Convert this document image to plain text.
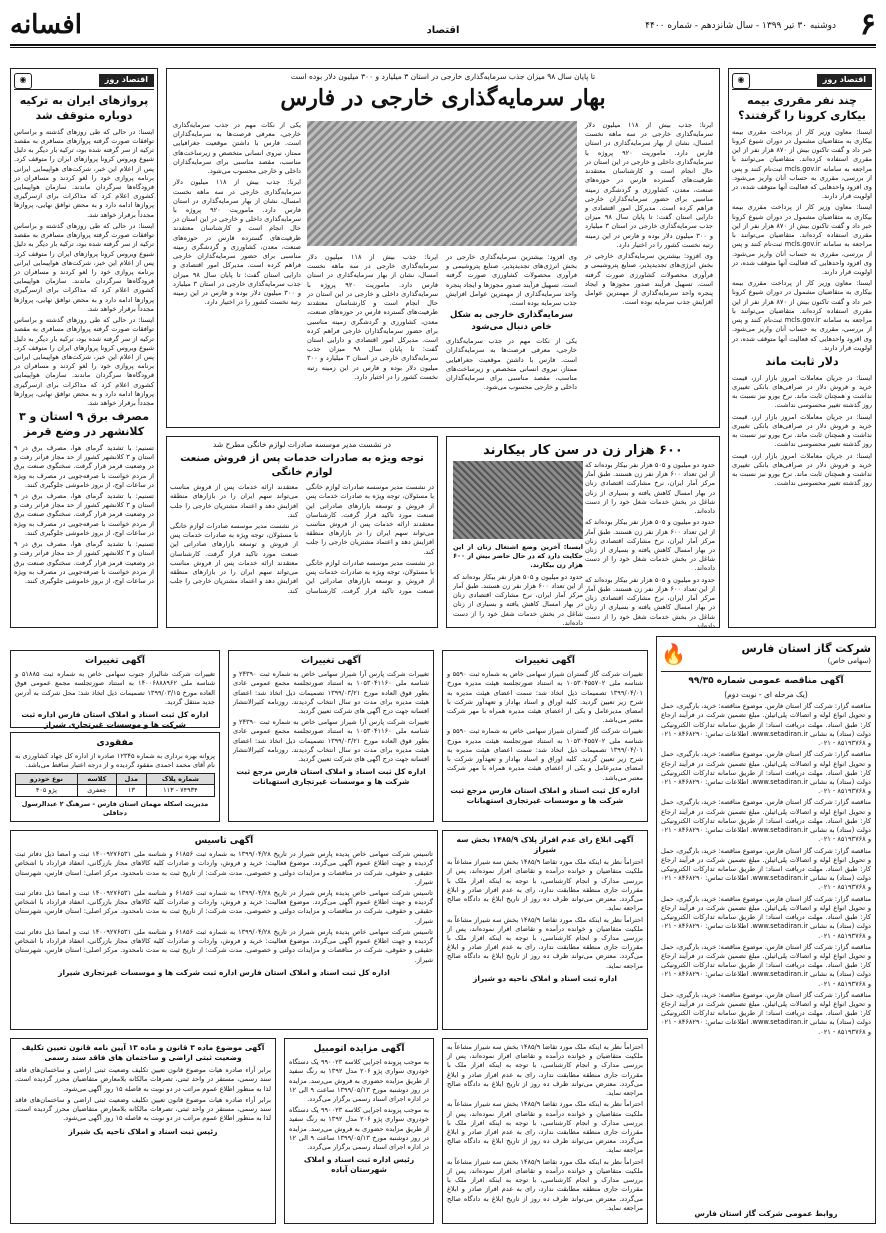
۶
دوشنبه ۳۰ تیر ۱۳۹۹ - سال شانزدهم - شماره ۴۴۰۰
اقتصاد
افسانه
اقتصاد روز
◉
چند نفر مقرری بیمه بیکاری کرونا را گرفتند؟

ایسنا: معاون وزیر کار از پرداخت مقرری بیمه بیکاری به متقاضیان مشمول در دوران شیوع کرونا خبر داد و گفت تاکنون بیش از ۸۷۰ هزار نفر از این مقرری استفاده کرده‌اند. متقاضیان می‌توانند با مراجعه به سامانه mcls.gov.ir ثبت‌نام کنند و پس از بررسی، مقرری به حساب آنان واریز می‌شود. وی افزود واحدهایی که فعالیت آنها متوقف شده، در اولویت قرار دارند.

ایسنا: معاون وزیر کار از پرداخت مقرری بیمه بیکاری به متقاضیان مشمول در دوران شیوع کرونا خبر داد و گفت تاکنون بیش از ۸۷۰ هزار نفر از این مقرری استفاده کرده‌اند. متقاضیان می‌توانند با مراجعه به سامانه mcls.gov.ir ثبت‌نام کنند و پس از بررسی، مقرری به حساب آنان واریز می‌شود. وی افزود واحدهایی که فعالیت آنها متوقف شده، در اولویت قرار دارند.

ایسنا: معاون وزیر کار از پرداخت مقرری بیمه بیکاری به متقاضیان مشمول در دوران شیوع کرونا خبر داد و گفت تاکنون بیش از ۸۷۰ هزار نفر از این مقرری استفاده کرده‌اند. متقاضیان می‌توانند با مراجعه به سامانه mcls.gov.ir ثبت‌نام کنند و پس از بررسی، مقرری به حساب آنان واریز می‌شود. وی افزود واحدهایی که فعالیت آنها متوقف شده، در اولویت قرار دارند.

دلار ثابت ماند

ایسنا: در جریان معاملات امروز بازار ارز، قیمت خرید و فروش دلار در صرافی‌های بانکی تغییری نداشت و همچنان ثابت ماند. نرخ یورو نیز نسبت به روز گذشته تغییر محسوسی نداشت.

ایسنا: در جریان معاملات امروز بازار ارز، قیمت خرید و فروش دلار در صرافی‌های بانکی تغییری نداشت و همچنان ثابت ماند. نرخ یورو نیز نسبت به روز گذشته تغییر محسوسی نداشت.

ایسنا: در جریان معاملات امروز بازار ارز، قیمت خرید و فروش دلار در صرافی‌های بانکی تغییری نداشت و همچنان ثابت ماند. نرخ یورو نیز نسبت به روز گذشته تغییر محسوسی نداشت.

اقتصاد روز
◉
پروازهای ایران به ترکیه دوباره متوقف شد

ایسنا: در حالی که طی روزهای گذشته و براساس توافقات صورت گرفته پروازهای مسافری به مقصد ترکیه از سر گرفته شده بود، ترکیه بار دیگر به دلیل شیوع ویروس کرونا پروازهای ایران را متوقف کرد. پس از اعلام این خبر، شرکت‌های هواپیمایی ایرانی برنامه پروازی خود را لغو کردند و مسافران در فرودگاه‌ها سرگردان ماندند. سازمان هواپیمایی کشوری اعلام کرد که مذاکرات برای ازسرگیری پروازها ادامه دارد و به محض توافق نهایی، پروازها مجدداً برقرار خواهد شد.

ایسنا: در حالی که طی روزهای گذشته و براساس توافقات صورت گرفته پروازهای مسافری به مقصد ترکیه از سر گرفته شده بود، ترکیه بار دیگر به دلیل شیوع ویروس کرونا پروازهای ایران را متوقف کرد. پس از اعلام این خبر، شرکت‌های هواپیمایی ایرانی برنامه پروازی خود را لغو کردند و مسافران در فرودگاه‌ها سرگردان ماندند. سازمان هواپیمایی کشوری اعلام کرد که مذاکرات برای ازسرگیری پروازها ادامه دارد و به محض توافق نهایی، پروازها مجدداً برقرار خواهد شد.

ایسنا: در حالی که طی روزهای گذشته و براساس توافقات صورت گرفته پروازهای مسافری به مقصد ترکیه از سر گرفته شده بود، ترکیه بار دیگر به دلیل شیوع ویروس کرونا پروازهای ایران را متوقف کرد. پس از اعلام این خبر، شرکت‌های هواپیمایی ایرانی برنامه پروازی خود را لغو کردند و مسافران در فرودگاه‌ها سرگردان ماندند. سازمان هواپیمایی کشوری اعلام کرد که مذاکرات برای ازسرگیری پروازها ادامه دارد و به محض توافق نهایی، پروازها مجدداً برقرار خواهد شد.

مصرف برق ۹ استان و ۳ کلانشهر در وضع قرمز

تسنیم: با تشدید گرمای هوا، مصرف برق در ۹ استان و ۳ کلانشهر کشور از حد مجاز فراتر رفت و در وضعیت قرمز قرار گرفت. سخنگوی صنعت برق از مردم خواست با صرفه‌جویی در مصرف به ویژه در ساعات اوج، از بروز خاموشی جلوگیری کنند.

تسنیم: با تشدید گرمای هوا، مصرف برق در ۹ استان و ۳ کلانشهر کشور از حد مجاز فراتر رفت و در وضعیت قرمز قرار گرفت. سخنگوی صنعت برق از مردم خواست با صرفه‌جویی در مصرف به ویژه در ساعات اوج، از بروز خاموشی جلوگیری کنند.

تسنیم: با تشدید گرمای هوا، مصرف برق در ۹ استان و ۳ کلانشهر کشور از حد مجاز فراتر رفت و در وضعیت قرمز قرار گرفت. سخنگوی صنعت برق از مردم خواست با صرفه‌جویی در مصرف به ویژه در ساعات اوج، از بروز خاموشی جلوگیری کنند.

تا پایان سال ۹۸ میزان جذب سرمایه‌گذاری خارجی در استان ۳ میلیارد و ۳۰۰ میلیون دلار بوده است
بهار سرمایه‌گذاری خارجی در فارس

ایرنا: جذب بیش از ۱۱۸ میلیون دلار سرمایه‌گذاری خارجی در سه ماهه نخست امسال، نشان از بهار سرمایه‌گذاری در استان فارس دارد. ماموریت ۹۲۰ پروژه با سرمایه‌گذاری داخلی و خارجی در این استان در حال انجام است و کارشناسان معتقدند ظرفیت‌های گسترده فارس در حوزه‌های صنعت، معدن، کشاورزی و گردشگری زمینه مناسبی برای حضور سرمایه‌گذاران خارجی فراهم کرده است. مدیرکل امور اقتصادی و دارایی استان گفت: تا پایان سال ۹۸ میزان جذب سرمایه‌گذاری خارجی در استان ۳ میلیارد و ۳۰۰ میلیون دلار بوده و فارس در این زمینه رتبه نخست کشور را در اختیار دارد.

وی افزود: بیشترین سرمایه‌گذاری خارجی در بخش انرژی‌های تجدیدپذیر، صنایع پتروشیمی و فرآوری محصولات کشاورزی صورت گرفته است. تسهیل فرآیند صدور مجوزها و ایجاد پنجره واحد سرمایه‌گذاری از مهمترین عوامل افزایش جذب سرمایه بوده است.

یکی از نکات مهم در جذب سرمایه‌گذاری خارجی، معرفی فرصت‌ها به سرمایه‌گذاران است. فارس با داشتن موقعیت جغرافیایی ممتاز، نیروی انسانی متخصص و زیرساخت‌های مناسب، مقصد مناسبی برای سرمایه‌گذاران داخلی و خارجی محسوب می‌شود.

ایرنا: جذب بیش از ۱۱۸ میلیون دلار سرمایه‌گذاری خارجی در سه ماهه نخست امسال، نشان از بهار سرمایه‌گذاری در استان فارس دارد. ماموریت ۹۲۰ پروژه با سرمایه‌گذاری داخلی و خارجی در این استان در حال انجام است و کارشناسان معتقدند ظرفیت‌های گسترده فارس در حوزه‌های صنعت، معدن، کشاورزی و گردشگری زمینه مناسبی برای حضور سرمایه‌گذاران خارجی فراهم کرده است. مدیرکل امور اقتصادی و دارایی استان گفت: تا پایان سال ۹۸ میزان جذب سرمایه‌گذاری خارجی در استان ۳ میلیارد و ۳۰۰ میلیون دلار بوده و فارس در این زمینه رتبه نخست کشور را در اختیار دارد.

وی افزود: بیشترین سرمایه‌گذاری خارجی در بخش انرژی‌های تجدیدپذیر، صنایع پتروشیمی و فرآوری محصولات کشاورزی صورت گرفته است. تسهیل فرآیند صدور مجوزها و ایجاد پنجره واحد سرمایه‌گذاری از مهمترین عوامل افزایش جذب سرمایه بوده است.

سرمایه‌گذاری خارجی به شکل خاص دنبال می‌شود

یکی از نکات مهم در جذب سرمایه‌گذاری خارجی، معرفی فرصت‌ها به سرمایه‌گذاران است. فارس با داشتن موقعیت جغرافیایی ممتاز، نیروی انسانی متخصص و زیرساخت‌های مناسب، مقصد مناسبی برای سرمایه‌گذاران داخلی و خارجی محسوب می‌شود.

ایرنا: جذب بیش از ۱۱۸ میلیون دلار سرمایه‌گذاری خارجی در سه ماهه نخست امسال، نشان از بهار سرمایه‌گذاری در استان فارس دارد. ماموریت ۹۲۰ پروژه با سرمایه‌گذاری داخلی و خارجی در این استان در حال انجام است و کارشناسان معتقدند ظرفیت‌های گسترده فارس در حوزه‌های صنعت، معدن، کشاورزی و گردشگری زمینه مناسبی برای حضور سرمایه‌گذاران خارجی فراهم کرده است. مدیرکل امور اقتصادی و دارایی استان گفت: تا پایان سال ۹۸ میزان جذب سرمایه‌گذاری خارجی در استان ۳ میلیارد و ۳۰۰ میلیون دلار بوده و فارس در این زمینه رتبه نخست کشور را در اختیار دارد.

۶۰۰ هزار زن در سن کار بیکارند

حدود دو میلیون و ۵۰۵ هزار نفر بیکار بوده‌اند که از این تعداد ۶۰۰ هزار نفر زن هستند. طبق آمار مرکز آمار ایران، نرخ مشارکت اقتصادی زنان در بهار امسال کاهش یافته و بسیاری از زنان شاغل در بخش خدمات شغل خود را از دست داده‌اند.

حدود دو میلیون و ۵۰۵ هزار نفر بیکار بوده‌اند که از این تعداد ۶۰۰ هزار نفر زن هستند. طبق آمار مرکز آمار ایران، نرخ مشارکت اقتصادی زنان در بهار امسال کاهش یافته و بسیاری از زنان شاغل در بخش خدمات شغل خود را از دست داده‌اند.

حدود دو میلیون و ۵۰۵ هزار نفر بیکار بوده‌اند که از این تعداد ۶۰۰ هزار نفر زن هستند. طبق آمار مرکز آمار ایران، نرخ مشارکت اقتصادی زنان در بهار امسال کاهش یافته و بسیاری از زنان شاغل در بخش خدمات شغل خود را از دست داده‌اند.

ایسنا: آخرین وضع اشتغال زنان از این حکایت دارد که در حال حاضر بیش از ۶۰۰ هزار زن بیکارند.

حدود دو میلیون و ۵۰۵ هزار نفر بیکار بوده‌اند که از این تعداد ۶۰۰ هزار نفر زن هستند. طبق آمار مرکز آمار ایران، نرخ مشارکت اقتصادی زنان در بهار امسال کاهش یافته و بسیاری از زنان شاغل در بخش خدمات شغل خود را از دست داده‌اند.

در نشست مدیر موسسه صادرات لوازم خانگی مطرح شد
توجه ویژه به صادرات خدمات پس از فروش صنعت لوازم خانگی

در نشست مدیر موسسه صادرات لوازم خانگی با مسئولان، توجه ویژه به صادرات خدمات پس از فروش و توسعه بازارهای صادراتی این صنعت مورد تاکید قرار گرفت. کارشناسان معتقدند ارائه خدمات پس از فروش مناسب می‌تواند سهم ایران را در بازارهای منطقه افزایش دهد و اعتماد مشتریان خارجی را جلب کند.

در نشست مدیر موسسه صادرات لوازم خانگی با مسئولان، توجه ویژه به صادرات خدمات پس از فروش و توسعه بازارهای صادراتی این صنعت مورد تاکید قرار گرفت. کارشناسان معتقدند ارائه خدمات پس از فروش مناسب می‌تواند سهم ایران را در بازارهای منطقه افزایش دهد و اعتماد مشتریان خارجی را جلب کند.

در نشست مدیر موسسه صادرات لوازم خانگی با مسئولان، توجه ویژه به صادرات خدمات پس از فروش و توسعه بازارهای صادراتی این صنعت مورد تاکید قرار گرفت. کارشناسان معتقدند ارائه خدمات پس از فروش مناسب می‌تواند سهم ایران را در بازارهای منطقه افزایش دهد و اعتماد مشتریان خارجی را جلب کند.

شرکت گاز استان فارس
(سهامی خاص)
🔥
آگهی مناقصه عمومی شماره ۹۹/۳۵
(یک مرحله ای - نوبت دوم)

مناقصه گزار: شرکت گاز استان فارس. موضوع مناقصه: خرید، بارگیری، حمل و تحویل انواع لوله و اتصالات پلی‌اتیلن. مبلغ تضمین شرکت در فرآیند ارجاع کار: طبق اسناد. مهلت دریافت اسناد: از طریق سامانه تدارکات الکترونیکی دولت (ستاد) به نشانی www.setadiran.ir. اطلاعات تماس: ۸۴۶۸۲۹۰ - ۰۲۱ و ۸۵۱۹۳۷۶۸ - ۰۲۱.

مناقصه گزار: شرکت گاز استان فارس. موضوع مناقصه: خرید، بارگیری، حمل و تحویل انواع لوله و اتصالات پلی‌اتیلن. مبلغ تضمین شرکت در فرآیند ارجاع کار: طبق اسناد. مهلت دریافت اسناد: از طریق سامانه تدارکات الکترونیکی دولت (ستاد) به نشانی www.setadiran.ir. اطلاعات تماس: ۸۴۶۸۲۹۰ - ۰۲۱ و ۸۵۱۹۳۷۶۸ - ۰۲۱.

مناقصه گزار: شرکت گاز استان فارس. موضوع مناقصه: خرید، بارگیری، حمل و تحویل انواع لوله و اتصالات پلی‌اتیلن. مبلغ تضمین شرکت در فرآیند ارجاع کار: طبق اسناد. مهلت دریافت اسناد: از طریق سامانه تدارکات الکترونیکی دولت (ستاد) به نشانی www.setadiran.ir. اطلاعات تماس: ۸۴۶۸۲۹۰ - ۰۲۱ و ۸۵۱۹۳۷۶۸ - ۰۲۱.

مناقصه گزار: شرکت گاز استان فارس. موضوع مناقصه: خرید، بارگیری، حمل و تحویل انواع لوله و اتصالات پلی‌اتیلن. مبلغ تضمین شرکت در فرآیند ارجاع کار: طبق اسناد. مهلت دریافت اسناد: از طریق سامانه تدارکات الکترونیکی دولت (ستاد) به نشانی www.setadiran.ir. اطلاعات تماس: ۸۴۶۸۲۹۰ - ۰۲۱ و ۸۵۱۹۳۷۶۸ - ۰۲۱.

مناقصه گزار: شرکت گاز استان فارس. موضوع مناقصه: خرید، بارگیری، حمل و تحویل انواع لوله و اتصالات پلی‌اتیلن. مبلغ تضمین شرکت در فرآیند ارجاع کار: طبق اسناد. مهلت دریافت اسناد: از طریق سامانه تدارکات الکترونیکی دولت (ستاد) به نشانی www.setadiran.ir. اطلاعات تماس: ۸۴۶۸۲۹۰ - ۰۲۱ و ۸۵۱۹۳۷۶۸ - ۰۲۱.

مناقصه گزار: شرکت گاز استان فارس. موضوع مناقصه: خرید، بارگیری، حمل و تحویل انواع لوله و اتصالات پلی‌اتیلن. مبلغ تضمین شرکت در فرآیند ارجاع کار: طبق اسناد. مهلت دریافت اسناد: از طریق سامانه تدارکات الکترونیکی دولت (ستاد) به نشانی www.setadiran.ir. اطلاعات تماس: ۸۴۶۸۲۹۰ - ۰۲۱ و ۸۵۱۹۳۷۶۸ - ۰۲۱.

مناقصه گزار: شرکت گاز استان فارس. موضوع مناقصه: خرید، بارگیری، حمل و تحویل انواع لوله و اتصالات پلی‌اتیلن. مبلغ تضمین شرکت در فرآیند ارجاع کار: طبق اسناد. مهلت دریافت اسناد: از طریق سامانه تدارکات الکترونیکی دولت (ستاد) به نشانی www.setadiran.ir. اطلاعات تماس: ۸۴۶۸۲۹۰ - ۰۲۱ و ۸۵۱۹۳۷۶۸ - ۰۲۱.

روابط عمومی شرکت گاز استان فارس
آگهی تغییرات

تغییرات شرکت گاز گستران شیراز سهامی خاص به شماره ثبت ۵۵۹۰ و شناسه ملی ۱۰۵۳۰۴۵۵۷۰۲ به استناد صورتجلسه هیئت مدیره مورخ ۱۳۹۹/۰۴/۰۱ تصمیمات ذیل اتخاذ شد: سمت اعضای هیئت مدیره به شرح زیر تعیین گردید. کلیه اوراق و اسناد بهادار و تعهدآور شرکت با امضای مدیرعامل و یکی از اعضای هیئت مدیره همراه با مهر شرکت معتبر می‌باشد.

تغییرات شرکت گاز گستران شیراز سهامی خاص به شماره ثبت ۵۵۹۰ و شناسه ملی ۱۰۵۳۰۴۵۵۷۰۲ به استناد صورتجلسه هیئت مدیره مورخ ۱۳۹۹/۰۴/۰۱ تصمیمات ذیل اتخاذ شد: سمت اعضای هیئت مدیره به شرح زیر تعیین گردید. کلیه اوراق و اسناد بهادار و تعهدآور شرکت با امضای مدیرعامل و یکی از اعضای هیئت مدیره همراه با مهر شرکت معتبر می‌باشد.

اداره کل ثبت اسناد و املاک استان فارس مرجع ثبت شرکت ها و موسسات غیرتجاری استهبانات
آگهی تغییرات

تغییرات شرکت پارس آرا شیراز سهامی خاص به شماره ثبت ۲۴۳۹۰ و شناسه ملی ۱۰۵۳۰۴۱۱۶۰ به استناد صورتجلسه مجمع عمومی عادی بطور فوق العاده مورخ ۱۳۹۹/۰۳/۲۱ تصمیمات ذیل اتخاذ شد: اعضای هیئت مدیره برای مدت دو سال انتخاب گردیدند. روزنامه کثیرالانتشار افسانه جهت درج آگهی های شرکت تعیین گردید.

تغییرات شرکت پارس آرا شیراز سهامی خاص به شماره ثبت ۲۴۳۹۰ و شناسه ملی ۱۰۵۳۰۴۱۱۶۰ به استناد صورتجلسه مجمع عمومی عادی بطور فوق العاده مورخ ۱۳۹۹/۰۳/۲۱ تصمیمات ذیل اتخاذ شد: اعضای هیئت مدیره برای مدت دو سال انتخاب گردیدند. روزنامه کثیرالانتشار افسانه جهت درج آگهی های شرکت تعیین گردید.

اداره کل ثبت اسناد و املاک استان فارس مرجع ثبت شرکت ها و موسسات غیرتجاری استهبانات
آگهی تغییرات

تغییرات شرکت شالیزار جنوب سهامی خاص به شماره ثبت ۵۱۸۸۵ و شناسه ملی ۱۴۰۰۶۸۸۸۹۶۲ به استناد صورتجلسه مجمع عمومی فوق العاده مورخ ۱۳۹۹/۰۳/۱۵ تصمیمات ذیل اتخاذ شد: محل شرکت به آدرس جدید منتقل گردید.

اداره کل ثبت اسناد و املاک استان فارس اداره ثبت شرکت ها و موسسات غیرتجاری شیراز
مفقودی

پروانه بهره برداری به شماره ۱۲۳۴۵ صادره از اداره کل جهاد کشاورزی به نام آقای محمد احمدی مفقود گردیده و از درجه اعتبار ساقط می‌باشد.

شماره پلاک	مدل	کلاسه	نوع خودرو
۷۴۹۳۴ - ۱۱۳	۱۳	جعفری	پژو ۴۰۵
مدیریت اسکله مهمان استان فارس - سرهنگ ۲ عبدالرسول دجاقلی
آگهی ابلاغ رای عدم افراز پلاک ۱۴۸۵/۹ بخش سه شیراز

احتراماً نظر به اینکه ملک مورد تقاضا ۱۴۸۵/۹ بخش سه شیراز مشاعاً به ملکیت متقاضیان و خوانده درآمده و تقاضای افراز نموده‌اند، پس از بررسی مدارک و انجام کارشناسی، با توجه به اینکه افراز ملک با مقررات جاری منطقه مطابقت ندارد، رای به عدم افراز صادر و ابلاغ می‌گردد. معترض می‌تواند ظرف ده روز از تاریخ ابلاغ به دادگاه صالح مراجعه نماید.

احتراماً نظر به اینکه ملک مورد تقاضا ۱۴۸۵/۹ بخش سه شیراز مشاعاً به ملکیت متقاضیان و خوانده درآمده و تقاضای افراز نموده‌اند، پس از بررسی مدارک و انجام کارشناسی، با توجه به اینکه افراز ملک با مقررات جاری منطقه مطابقت ندارد، رای به عدم افراز صادر و ابلاغ می‌گردد. معترض می‌تواند ظرف ده روز از تاریخ ابلاغ به دادگاه صالح مراجعه نماید.

اداره ثبت اسناد و املاک ناحیه دو شیراز
آگهی تاسیس

تاسیس شرکت سهامی خاص پدیده پارس شیراز در تاریخ ۱۳۹۹/۰۴/۲۸ به شماره ثبت ۶۱۸۵۶ و شناسه ملی ۱۴۰۰۹۲۷۶۵۳۱ ثبت و امضا ذیل دفاتر ثبت گردیده و جهت اطلاع عموم آگهی می‌گردد. موضوع فعالیت: خرید و فروش، واردات و صادرات کلیه کالاهای مجاز بازرگانی، انعقاد قرارداد با اشخاص حقیقی و حقوقی، شرکت در مناقصات و مزایدات دولتی و خصوصی. مدت شرکت: از تاریخ ثبت به مدت نامحدود. مرکز اصلی: استان فارس، شهرستان شیراز.

تاسیس شرکت سهامی خاص پدیده پارس شیراز در تاریخ ۱۳۹۹/۰۴/۲۸ به شماره ثبت ۶۱۸۵۶ و شناسه ملی ۱۴۰۰۹۲۷۶۵۳۱ ثبت و امضا ذیل دفاتر ثبت گردیده و جهت اطلاع عموم آگهی می‌گردد. موضوع فعالیت: خرید و فروش، واردات و صادرات کلیه کالاهای مجاز بازرگانی، انعقاد قرارداد با اشخاص حقیقی و حقوقی، شرکت در مناقصات و مزایدات دولتی و خصوصی. مدت شرکت: از تاریخ ثبت به مدت نامحدود. مرکز اصلی: استان فارس، شهرستان شیراز.

تاسیس شرکت سهامی خاص پدیده پارس شیراز در تاریخ ۱۳۹۹/۰۴/۲۸ به شماره ثبت ۶۱۸۵۶ و شناسه ملی ۱۴۰۰۹۲۷۶۵۳۱ ثبت و امضا ذیل دفاتر ثبت گردیده و جهت اطلاع عموم آگهی می‌گردد. موضوع فعالیت: خرید و فروش، واردات و صادرات کلیه کالاهای مجاز بازرگانی، انعقاد قرارداد با اشخاص حقیقی و حقوقی، شرکت در مناقصات و مزایدات دولتی و خصوصی. مدت شرکت: از تاریخ ثبت به مدت نامحدود. مرکز اصلی: استان فارس، شهرستان شیراز.

اداره کل ثبت اسناد و املاک استان فارس اداره ثبت شرکت ها و موسسات غیرتجاری شیراز

احتراماً نظر به اینکه ملک مورد تقاضا ۱۴۸۵/۹ بخش سه شیراز مشاعاً به ملکیت متقاضیان و خوانده درآمده و تقاضای افراز نموده‌اند، پس از بررسی مدارک و انجام کارشناسی، با توجه به اینکه افراز ملک با مقررات جاری منطقه مطابقت ندارد، رای به عدم افراز صادر و ابلاغ می‌گردد. معترض می‌تواند ظرف ده روز از تاریخ ابلاغ به دادگاه صالح مراجعه نماید.

احتراماً نظر به اینکه ملک مورد تقاضا ۱۴۸۵/۹ بخش سه شیراز مشاعاً به ملکیت متقاضیان و خوانده درآمده و تقاضای افراز نموده‌اند، پس از بررسی مدارک و انجام کارشناسی، با توجه به اینکه افراز ملک با مقررات جاری منطقه مطابقت ندارد، رای به عدم افراز صادر و ابلاغ می‌گردد. معترض می‌تواند ظرف ده روز از تاریخ ابلاغ به دادگاه صالح مراجعه نماید.

احتراماً نظر به اینکه ملک مورد تقاضا ۱۴۸۵/۹ بخش سه شیراز مشاعاً به ملکیت متقاضیان و خوانده درآمده و تقاضای افراز نموده‌اند، پس از بررسی مدارک و انجام کارشناسی، با توجه به اینکه افراز ملک با مقررات جاری منطقه مطابقت ندارد، رای به عدم افراز صادر و ابلاغ می‌گردد. معترض می‌تواند ظرف ده روز از تاریخ ابلاغ به دادگاه صالح مراجعه نماید.

آگهی مزایده اتومبیل

به موجب پرونده اجرایی کلاسه ۹۹۰۰۲۳ یک دستگاه خودروی سواری پژو ۲۰۶ مدل ۱۳۹۲ به رنگ سفید از طریق مزایده حضوری به فروش می‌رسد. مزایده در روز دوشنبه مورخ ۱۳۹۹/۰۵/۱۳ ساعت ۹ الی ۱۲ در اداره اجرای اسناد رسمی برگزار می‌گردد.

به موجب پرونده اجرایی کلاسه ۹۹۰۰۲۳ یک دستگاه خودروی سواری پژو ۲۰۶ مدل ۱۳۹۲ به رنگ سفید از طریق مزایده حضوری به فروش می‌رسد. مزایده در روز دوشنبه مورخ ۱۳۹۹/۰۵/۱۳ ساعت ۹ الی ۱۲ در اداره اجرای اسناد رسمی برگزار می‌گردد.

رئیس اداره ثبت اسناد و املاک شهرستان آباده
آگهی موضوع ماده ۳ قانون و ماده ۱۳ آیین نامه قانون تعیین تکلیف وضعیت ثبتی اراضی و ساختمان های فاقد سند رسمی

برابر آراء صادره هیات موضوع قانون تعیین تکلیف وضعیت ثبتی اراضی و ساختمان‌های فاقد سند رسمی، مستقر در واحد ثبتی، تصرفات مالکانه بلامعارض متقاضیان محرز گردیده است. لذا به منظور اطلاع عموم مراتب در دو نوبت به فاصله ۱۵ روز آگهی می‌شود.

برابر آراء صادره هیات موضوع قانون تعیین تکلیف وضعیت ثبتی اراضی و ساختمان‌های فاقد سند رسمی، مستقر در واحد ثبتی، تصرفات مالکانه بلامعارض متقاضیان محرز گردیده است. لذا به منظور اطلاع عموم مراتب در دو نوبت به فاصله ۱۵ روز آگهی می‌شود.

رئیس ثبت اسناد و املاک ناحیه یک شیراز
